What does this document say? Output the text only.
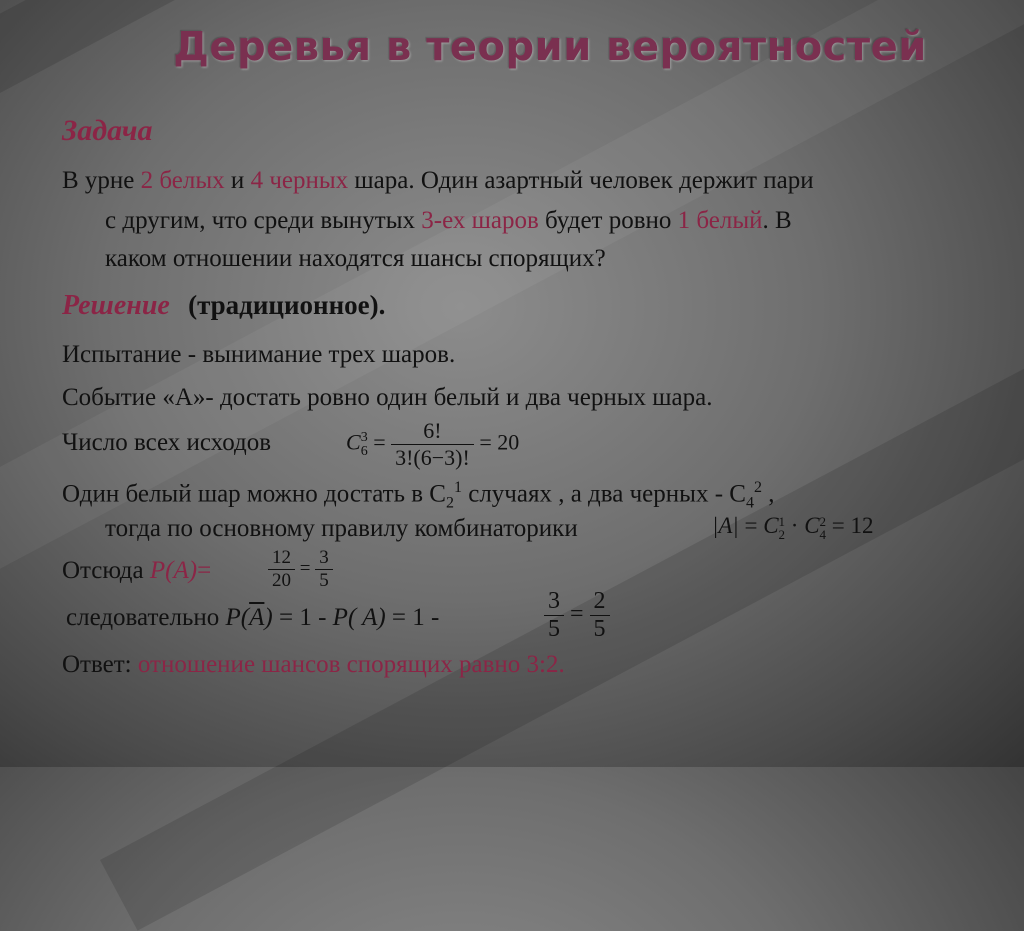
Деревья в теории вероятностей
Задача
В урне 2 белых и 4 черных шара. Один азартный человек держит пари
с другим, что среди вынутых 3-ех шаров будет ровно 1 белый. В
каком отношении находятся шансы спорящих?
Решение (традиционное).
Испытание - вынимание трех шаров.
Событие «А»- достать ровно один белый и два черных шара.
Число всех исходов	C 3
$6 = \frac{6!}{3!(6-3)!} = 20$
Один белый шар можно достать в $С_2^1$ случаях , а два черных - $С_4^2$ ,
тогда по основному правилу комбинаторики	|A| = C 1
2 · C 2
4 = 12
Отсюда P(A)=	$\frac{12}{20} = \frac{3}{5}$
следовательно $P(\overline{A}) = 1 - P$( A) = 1 -	$\frac{3}{5} = \frac{2}{5}$
Ответ: отношение шансов спорящих равно 3:2.
